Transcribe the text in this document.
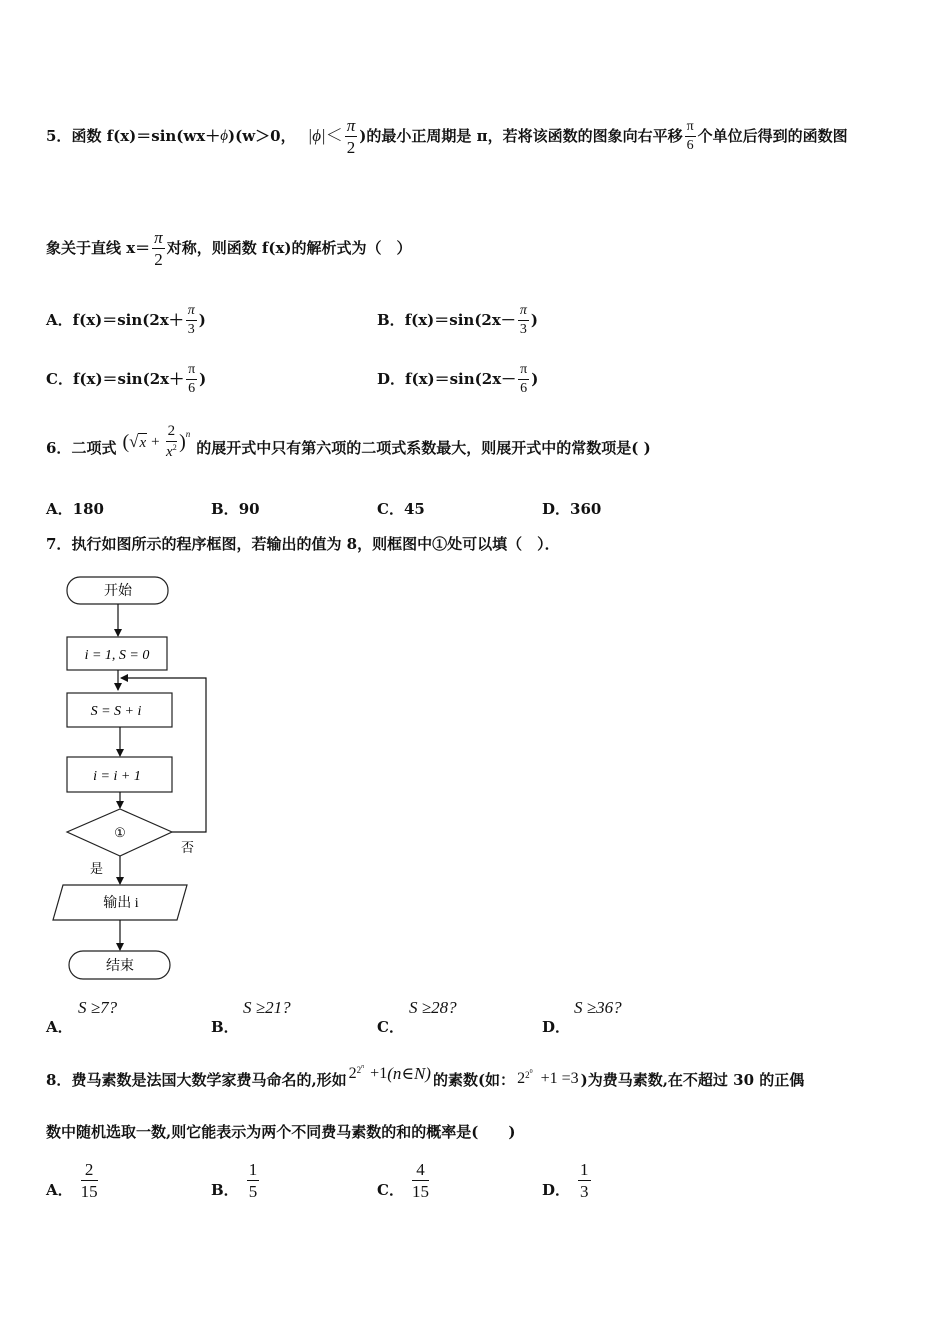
5． 函数 f(x)＝sin(wx＋ ϕ )(w＞0， $|\phi| < \frac{\pi}{2}$ )的最小正周期是 π，若将该函数的图象向右平移 $\frac{\pi}{6}$ 个单位后得到的函数图
象关于直线 $x= \frac{\pi}{2}$ 对称，则函数 f(x)的解析式为（　）
A． $f(x)=\sin(2x+ \frac{\pi}{3}$ )	B． $f(x)=\sin(2x- \frac{\pi}{3}$ )
C． $f(x)=\sin(2x+ \frac{\pi}{6}$ )	D． $f(x)=\sin(2x- \frac{\pi}{6}$ )
6． 二项式 ( √ $x + \frac{2}{x^2} )^n$
的展开式中只有第六项的二项式系数最大，则展开式中的常数项是( )
A．180	B．90	C．45	D．360
7．执行如图所示的程序框图，若输出的值为 8，则框图中①处可以填（　）．
开始
i = 1, S = 0
S = S + i
i = i + 1
①
否
是
输出 i
结束
A．
S ≥7?
B．
S ≥21?
C．
S ≥28?
D．
S ≥36?
8． 费马素数是法国大数学家费马命名的,形如 2 2 n +1 (n∈N) 的素数(如： 2 2 0 +1 =3 )为费马素数,在不超过 30 的正偶
数中随机选取一数,则它能表示为两个不同费马素数的和的概率是(　　)
A． $\frac{2}{15}$	B． $\frac{1}{5}$	C． $\frac{4}{15}$	D． $\frac{1}{3}$
